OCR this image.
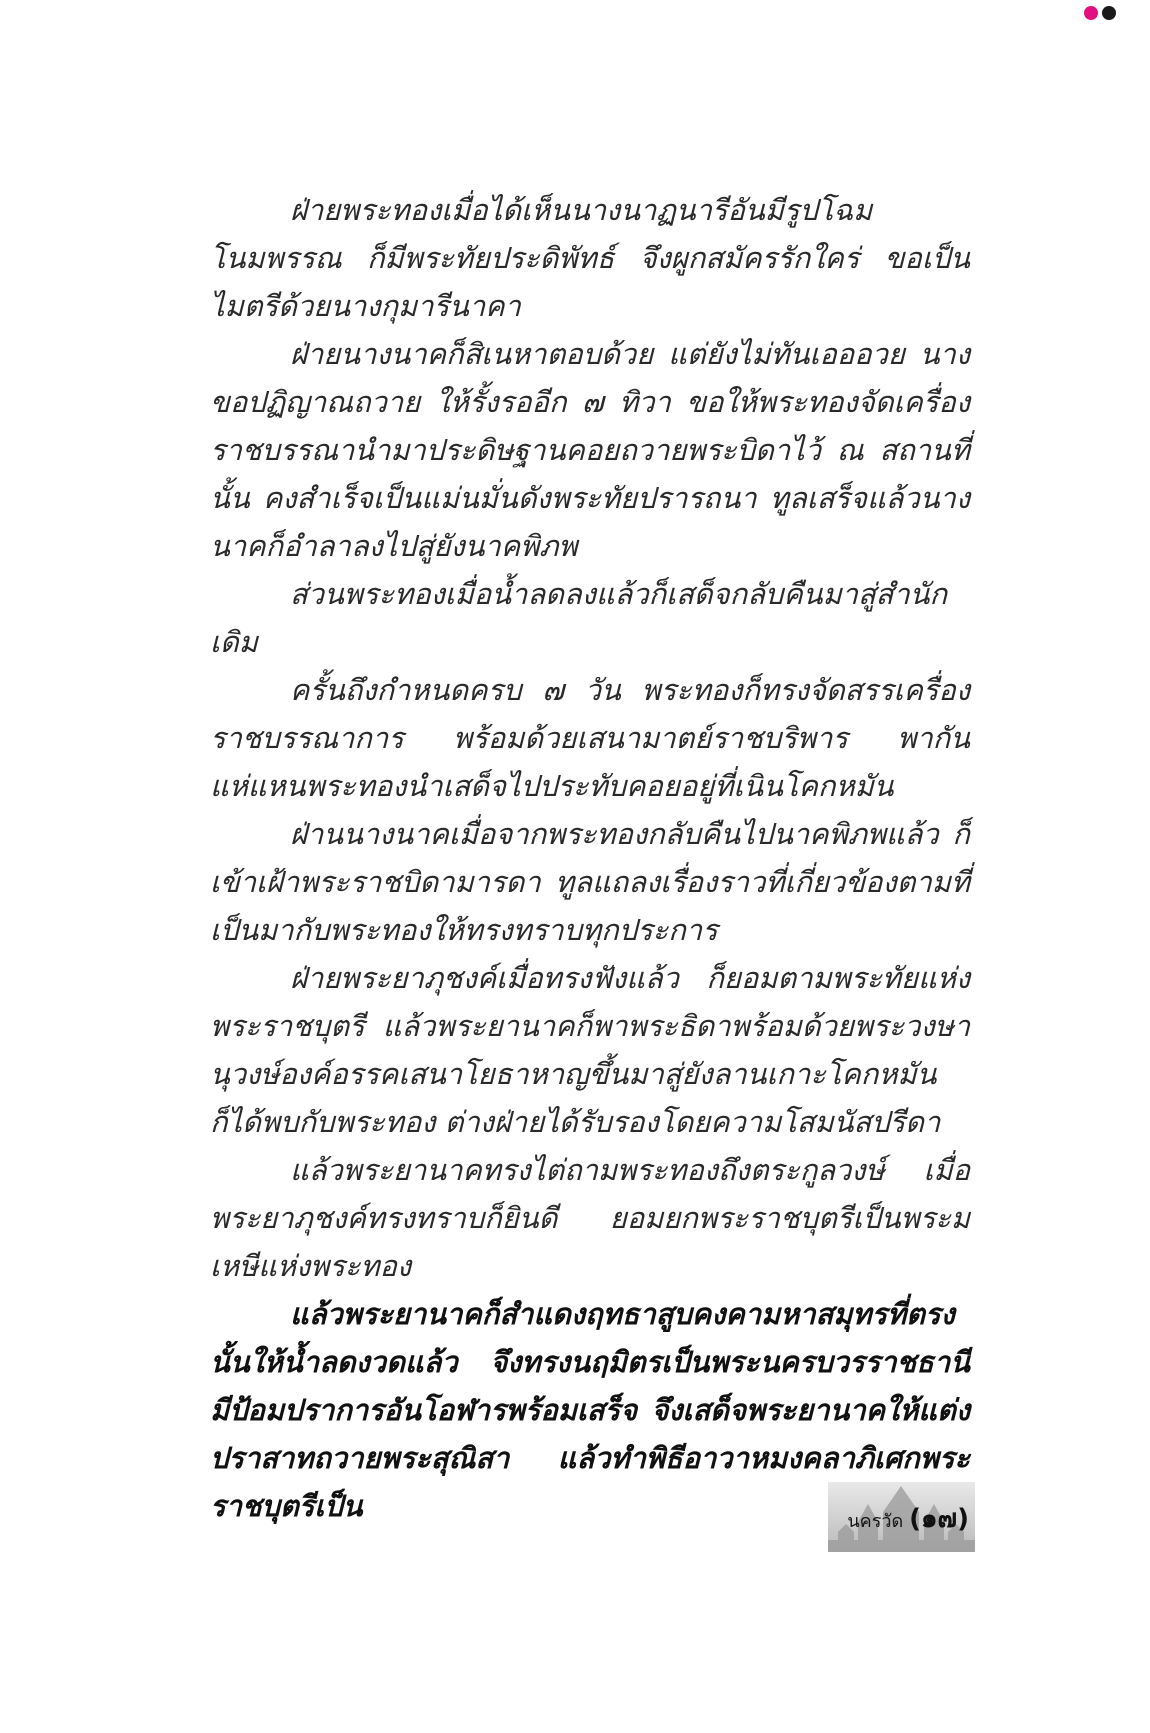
ฝ่ายพระทองเมื่อได้เห็นนางนาฏนารีอันมีรูปโฉมโนมพรรณ ก็มีพระทัยประดิพัทธ์ จึงผูกสมัครรักใคร่ ขอเป็นไมตรีด้วยนางกุมารีนาคา

ฝ่ายนางนาคก็สิเนหาตอบด้วย แต่ยังไม่ทันเอออวย นางขอปฏิญาณถวาย ให้รั้งรออีก ๗ ทิวา ขอให้พระทองจัดเครื่องราชบรรณานำมาประดิษฐานคอยถวายพระบิดาไว้ ณ สถานที่นั้น คงสำเร็จเป็นแม่นมั่นดังพระทัยปรารถนา ทูลเสร็จแล้วนางนาคก็อำลาลงไปสู่ยังนาคพิภพ

ส่วนพระทองเมื่อน้ำลดลงแล้วก็เสด็จกลับคืนมาสู่สำนักเดิม

ครั้นถึงกำหนดครบ ๗ วัน พระทองก็ทรงจัดสรรเครื่องราชบรรณาการ พร้อมด้วยเสนามาตย์ราชบริพาร พากันแห่แหนพระทองนำเสด็จไปประทับคอยอยู่ที่เนินโคกหมัน

ฝ่านนางนาคเมื่อจากพระทองกลับคืนไปนาคพิภพแล้ว ก็เข้าเฝ้าพระราชบิดามารดา ทูลแถลงเรื่องราวที่เกี่ยวข้องตามที่เป็นมากับพระทองให้ทรงทราบทุกประการ

ฝ่ายพระยาภุชงค์เมื่อทรงฟังแล้ว ก็ยอมตามพระทัยแห่งพระราชบุตรี แล้วพระยานาคก็พาพระธิดาพร้อมด้วยพระวงษานุวงษ์องค์อรรคเสนาโยธาหาญขึ้นมาสู่ยังลานเกาะโคกหมัน ก็ได้พบกับพระทอง ต่างฝ่ายได้รับรองโดยความโสมนัสปรีดา

แล้วพระยานาคทรงไต่ถามพระทองถึงตระกูลวงษ์ เมื่อพระยาภุชงค์ทรงทราบก็ยินดี ยอมยกพระราชบุตรีเป็นพระมเหษีแห่งพระทอง

แล้วพระยานาคก็สำแดงฤทธาสูบคงคามหาสมุทรที่ตรงนั้นให้น้ำลดงวดแล้ว จึงทรงนฤมิตรเป็นพระนครบวรราชธานี มีป้อมปราการอันโอฬารพร้อมเสร็จ จึงเสด็จพระยานาคให้แต่งปราสาทถวายพระสุณิสา แล้วทำพิธีอาวาหมงคลาภิเศกพระราชบุตรีเป็น	นครวัด (๑๗)
